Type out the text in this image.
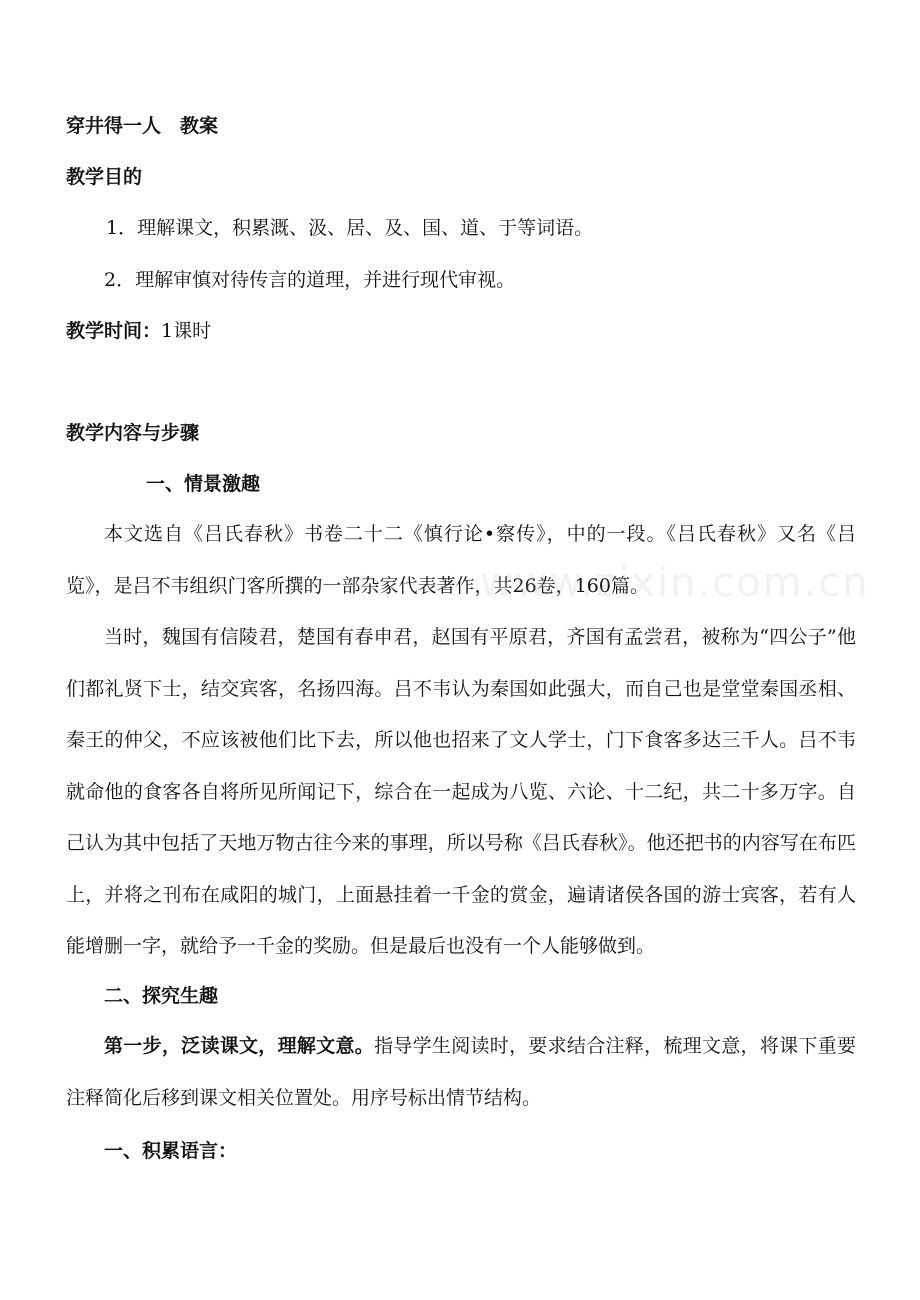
穿井得一人　教案
教学目的
1．理解课文，积累溉、汲、居、及、国、道、于等词语。
2．理解审慎对待传言的道理，并进行现代审视。
教学时间：1课时
教学内容与步骤
一、情景激趣
本文选自《吕氏春秋》书卷二十二《慎行论•察传》，中的一段。《吕氏春秋》又名《吕览》，是吕不韦组织门客所撰的一部杂家代表著作，共26卷，160篇。
当时，魏国有信陵君，楚国有春申君，赵国有平原君，齐国有孟尝君，被称为“四公子”他们都礼贤下士，结交宾客，名扬四海。吕不韦认为秦国如此强大，而自己也是堂堂秦国丞相、秦王的仲父，不应该被他们比下去，所以他也招来了文人学士，门下食客多达三千人。吕不韦就命他的食客各自将所见所闻记下，综合在一起成为八览、六论、十二纪，共二十多万字。自己认为其中包括了天地万物古往今来的事理，所以号称《吕氏春秋》。他还把书的内容写在布匹上，并将之刊布在咸阳的城门，上面悬挂着一千金的赏金，遍请诸侯各国的游士宾客，若有人能增删一字，就给予一千金的奖励。但是最后也没有一个人能够做到。
二、探究生趣
第一步，泛读课文，理解文意。指导学生阅读时，要求结合注释，梳理文意，将课下重要注释简化后移到课文相关位置处。用序号标出情节结构。
一、积累语言：
www.zixin.com.cn
